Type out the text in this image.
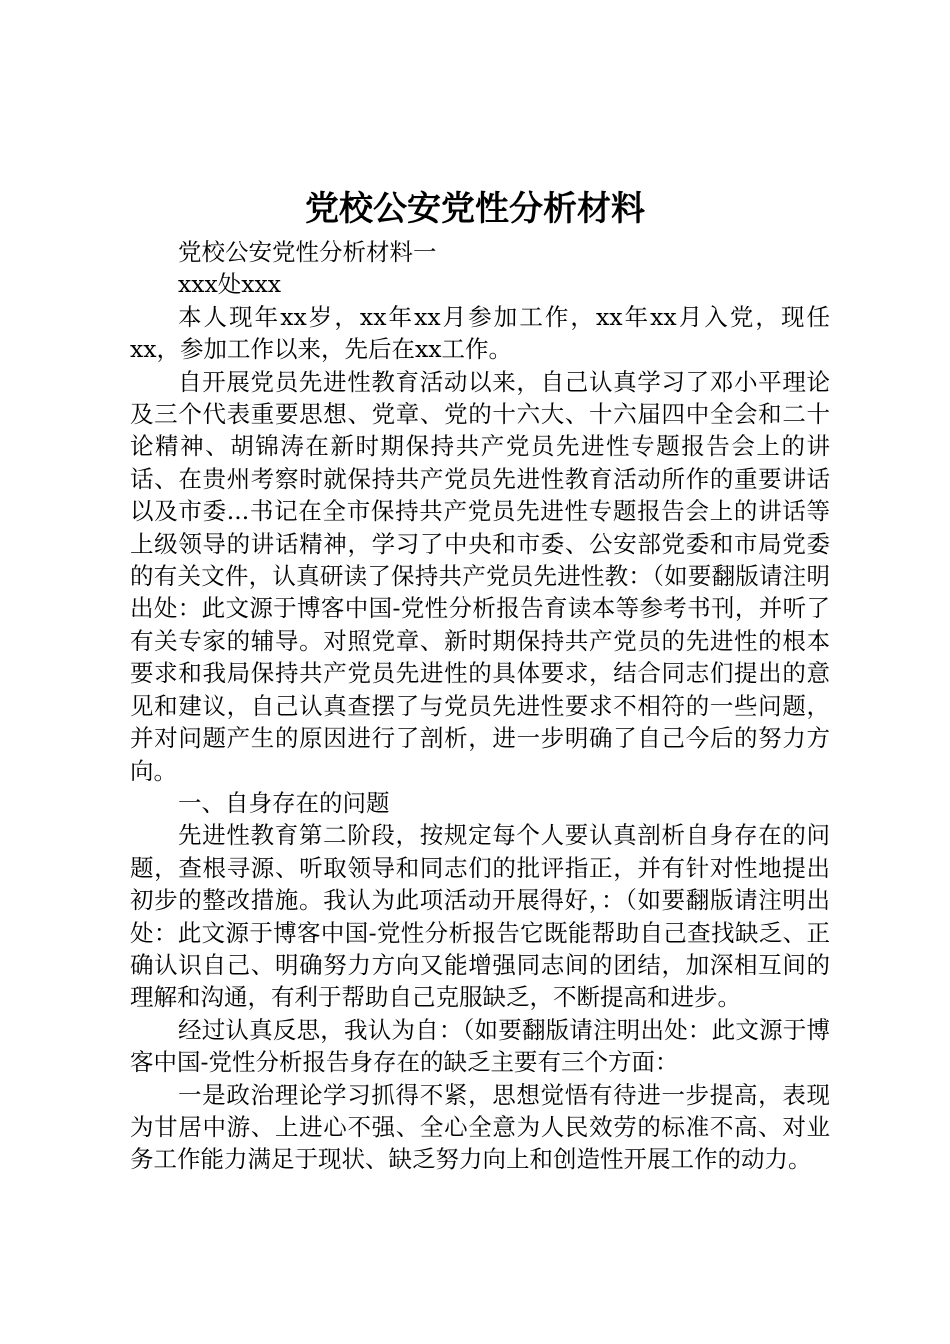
党校公安党性分析材料

党校公安党性分析材料一

xxx处xxx

本人现年xx岁，xx年xx月参加工作，xx年xx月入党，现任xx，参加工作以来，先后在xx工作。

自开展党员先进性教育活动以来，自己认真学习了邓小平理论及三个代表重要思想、党章、党的十六大、十六届四中全会和二十论精神、胡锦涛在新时期保持共产党员先进性专题报告会上的讲话、在贵州考察时就保持共产党员先进性教育活动所作的重要讲话以及市委...书记在全市保持共产党员先进性专题报告会上的讲话等上级领导的讲话精神，学习了中央和市委、公安部党委和市局党委的有关文件，认真研读了保持共产党员先进性教：（如要翻版请注明出处：此文源于博客中国-党性分析报告育读本等参考书刊，并听了有关专家的辅导。对照党章、新时期保持共产党员的先进性的根本要求和我局保持共产党员先进性的具体要求，结合同志们提出的意见和建议，自己认真查摆了与党员先进性要求不相符的一些问题，并对问题产生的原因进行了剖析，进一步明确了自己今后的努力方向。

一、自身存在的问题

先进性教育第二阶段，按规定每个人要认真剖析自身存在的问题，查根寻源、听取领导和同志们的批评指正，并有针对性地提出初步的整改措施。我认为此项活动开展得好，：（如要翻版请注明出处：此文源于博客中国-党性分析报告它既能帮助自己查找缺乏、正确认识自己、明确努力方向又能增强同志间的团结，加深相互间的理解和沟通，有利于帮助自己克服缺乏，不断提高和进步。

经过认真反思，我认为自：（如要翻版请注明出处：此文源于博客中国-党性分析报告身存在的缺乏主要有三个方面：

一是政治理论学习抓得不紧，思想觉悟有待进一步提高，表现为甘居中游、上进心不强、全心全意为人民效劳的标准不高、对业务工作能力满足于现状、缺乏努力向上和创造性开展工作的动力。
